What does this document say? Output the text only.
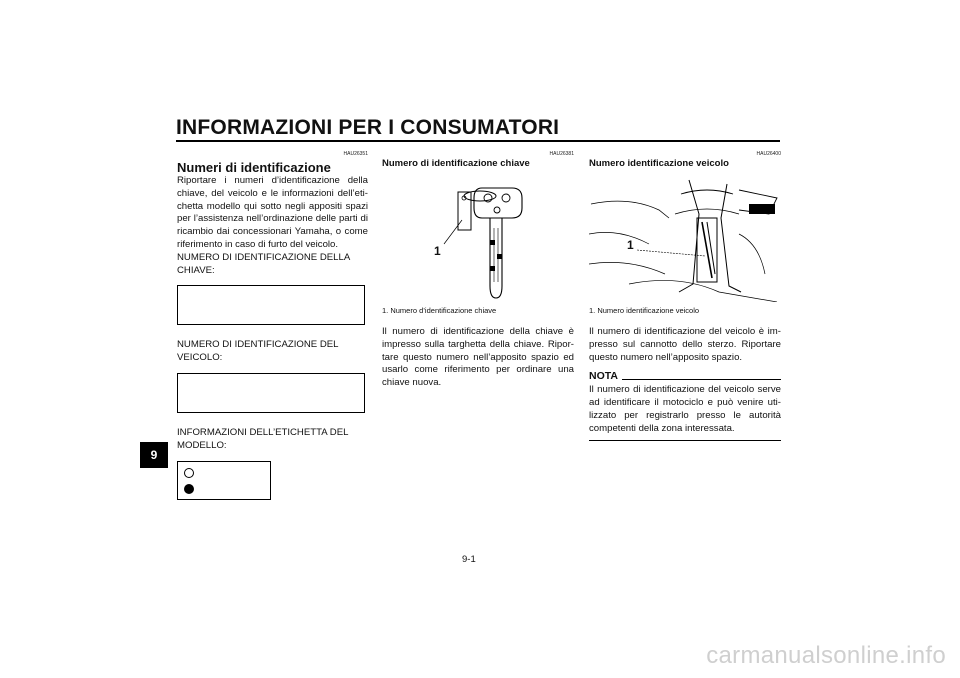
INFORMAZIONI PER I CONSUMATORI
9
HAU26351
Numeri di identificazione
Riportare i numeri d’identificazione della chiave, del veicolo e le informazioni dell’eti-chetta modello qui sotto negli appositi spazi per l’assistenza nell’ordinazione delle parti di ricambio dai concessionari Yamaha, o come riferimento in caso di furto del veicolo.
NUMERO DI IDENTIFICAZIONE DELLA CHIAVE:
NUMERO DI IDENTIFICAZIONE DEL VEICOLO:
INFORMAZIONI DELL’ETICHETTA DEL MODELLO:
HAU26381
Numero di identificazione chiave
1
1. Numero d’identificazione chiave
Il numero di identificazione della chiave è impresso sulla targhetta della chiave. Ripor-tare questo numero nell’apposito spazio ed usarlo come riferimento per ordinare una chiave nuova.
HAU26400
Numero identificazione veicolo
1
1. Numero identificazione veicolo
Il numero di identificazione del veicolo è im-presso sul cannotto dello sterzo. Riportare questo numero nell’apposito spazio.
NOTA
Il numero di identificazione del veicolo serve ad identificare il motociclo e può venire uti-lizzato per registrarlo presso le autorità competenti della zona interessata.
9-1
carmanualsonline.info
